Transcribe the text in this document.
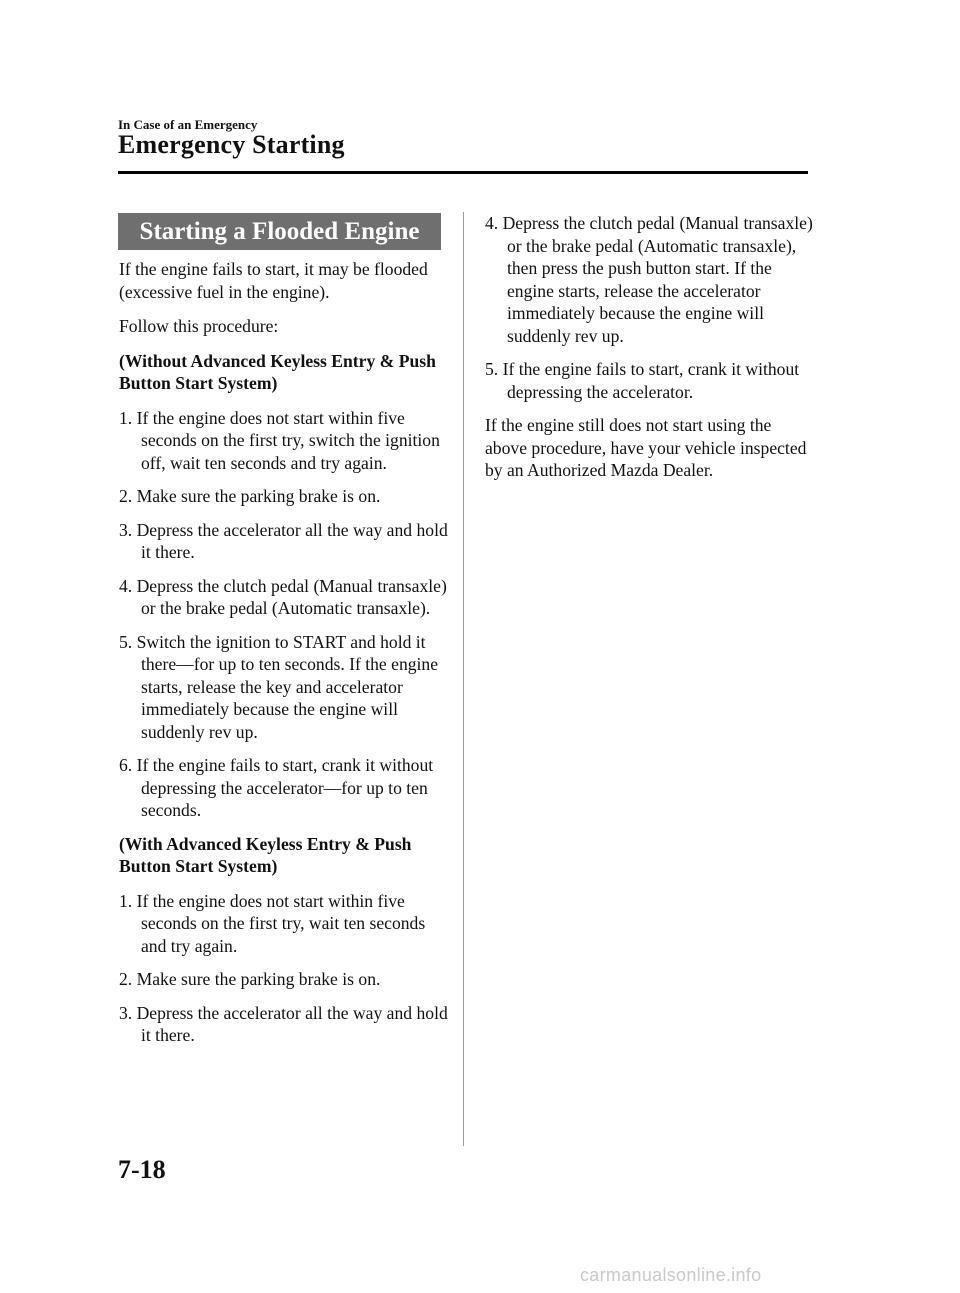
In Case of an Emergency
Emergency Starting
Starting a Flooded Engine

If the engine fails to start, it may be flooded (excessive fuel in the engine).

Follow this procedure:

(Without Advanced Keyless Entry & Push Button Start System)

1. If the engine does not start within five seconds on the first try, switch the ignition off, wait ten seconds and try again.

2. Make sure the parking brake is on.

3. Depress the accelerator all the way and hold it there.

4. Depress the clutch pedal (Manual transaxle) or the brake pedal (Automatic transaxle).

5. Switch the ignition to START and hold it there―for up to ten seconds. If the engine starts, release the key and accelerator immediately because the engine will suddenly rev up.

6. If the engine fails to start, crank it without depressing the accelerator―for up to ten seconds.

(With Advanced Keyless Entry & Push Button Start System)

1. If the engine does not start within five seconds on the first try, wait ten seconds and try again.

2. Make sure the parking brake is on.

3. Depress the accelerator all the way and hold it there.

4. Depress the clutch pedal (Manual transaxle) or the brake pedal (Automatic transaxle), then press the push button start. If the engine starts, release the accelerator immediately because the engine will suddenly rev up.

5. If the engine fails to start, crank it without depressing the accelerator.

If the engine still does not start using the above procedure, have your vehicle inspected by an Authorized Mazda Dealer.

7-18
carmanualsonline.info
